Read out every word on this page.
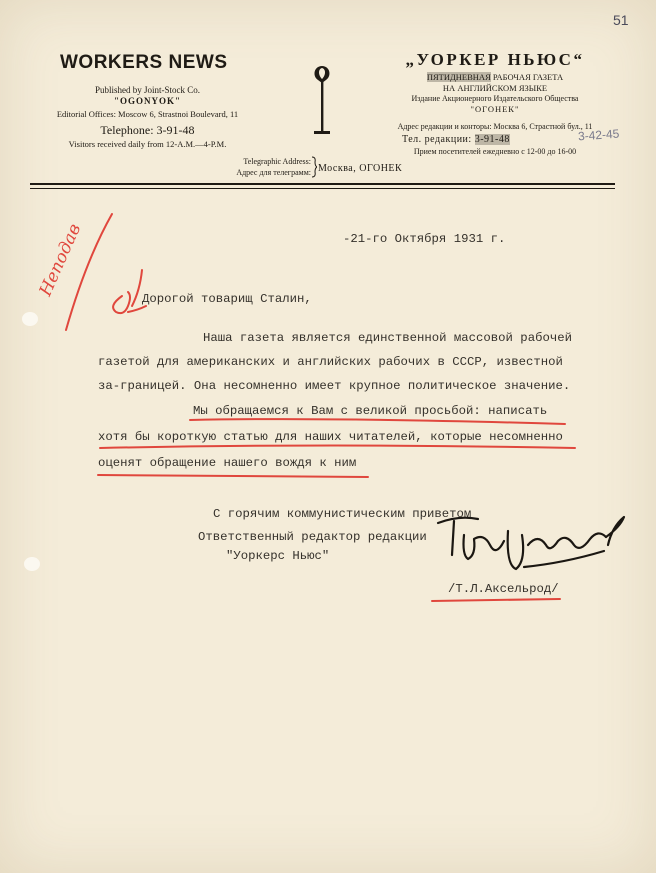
51
WORKERS NEWS
Published by Joint-Stock Co.
"OGONYOK"
Editorial Offices: Moscow 6, Strastnoi Boulevard, 11
Telephone: 3-91-48
Visitors received daily from 12-A.M.—4-P.M.
„УОРКЕР НЬЮС“
ПЯТИДНЕВНАЯ РАБОЧАЯ ГАЗЕТА
НА АНГЛИЙСКОМ ЯЗЫКЕ
Издание Акционерного Издательского Общества
"ОГОНЕК"
Адрес редакции и конторы: Москва 6, Страстной бул., 11
Тел. редакции: 3-91-48	3-42-45
Прием посетителей ежедневно с 12-00 до 16-00
Telegraphic Address:
Адрес для телеграмм: Москва, ОГОНЕК
-21-го Октября 1931 г.
Дорогой товарищ Сталин,
Наша газета является единственной массовой рабочей
газетой для американских и английских рабочих в СССР, известной
за-границей. Она несомненно имеет крупное политическое значение.
Мы обращаемся к Вам с великой просьбой: написать
хотя бы короткую статью для наших читателей, которые несомненно
оценят обращение нашего вождя к ним
С горячим коммунистическим приветом
Ответственный редактор редакции
"Уоркерс Ньюс"
/Т.Л.Аксельрод/
Неподав
